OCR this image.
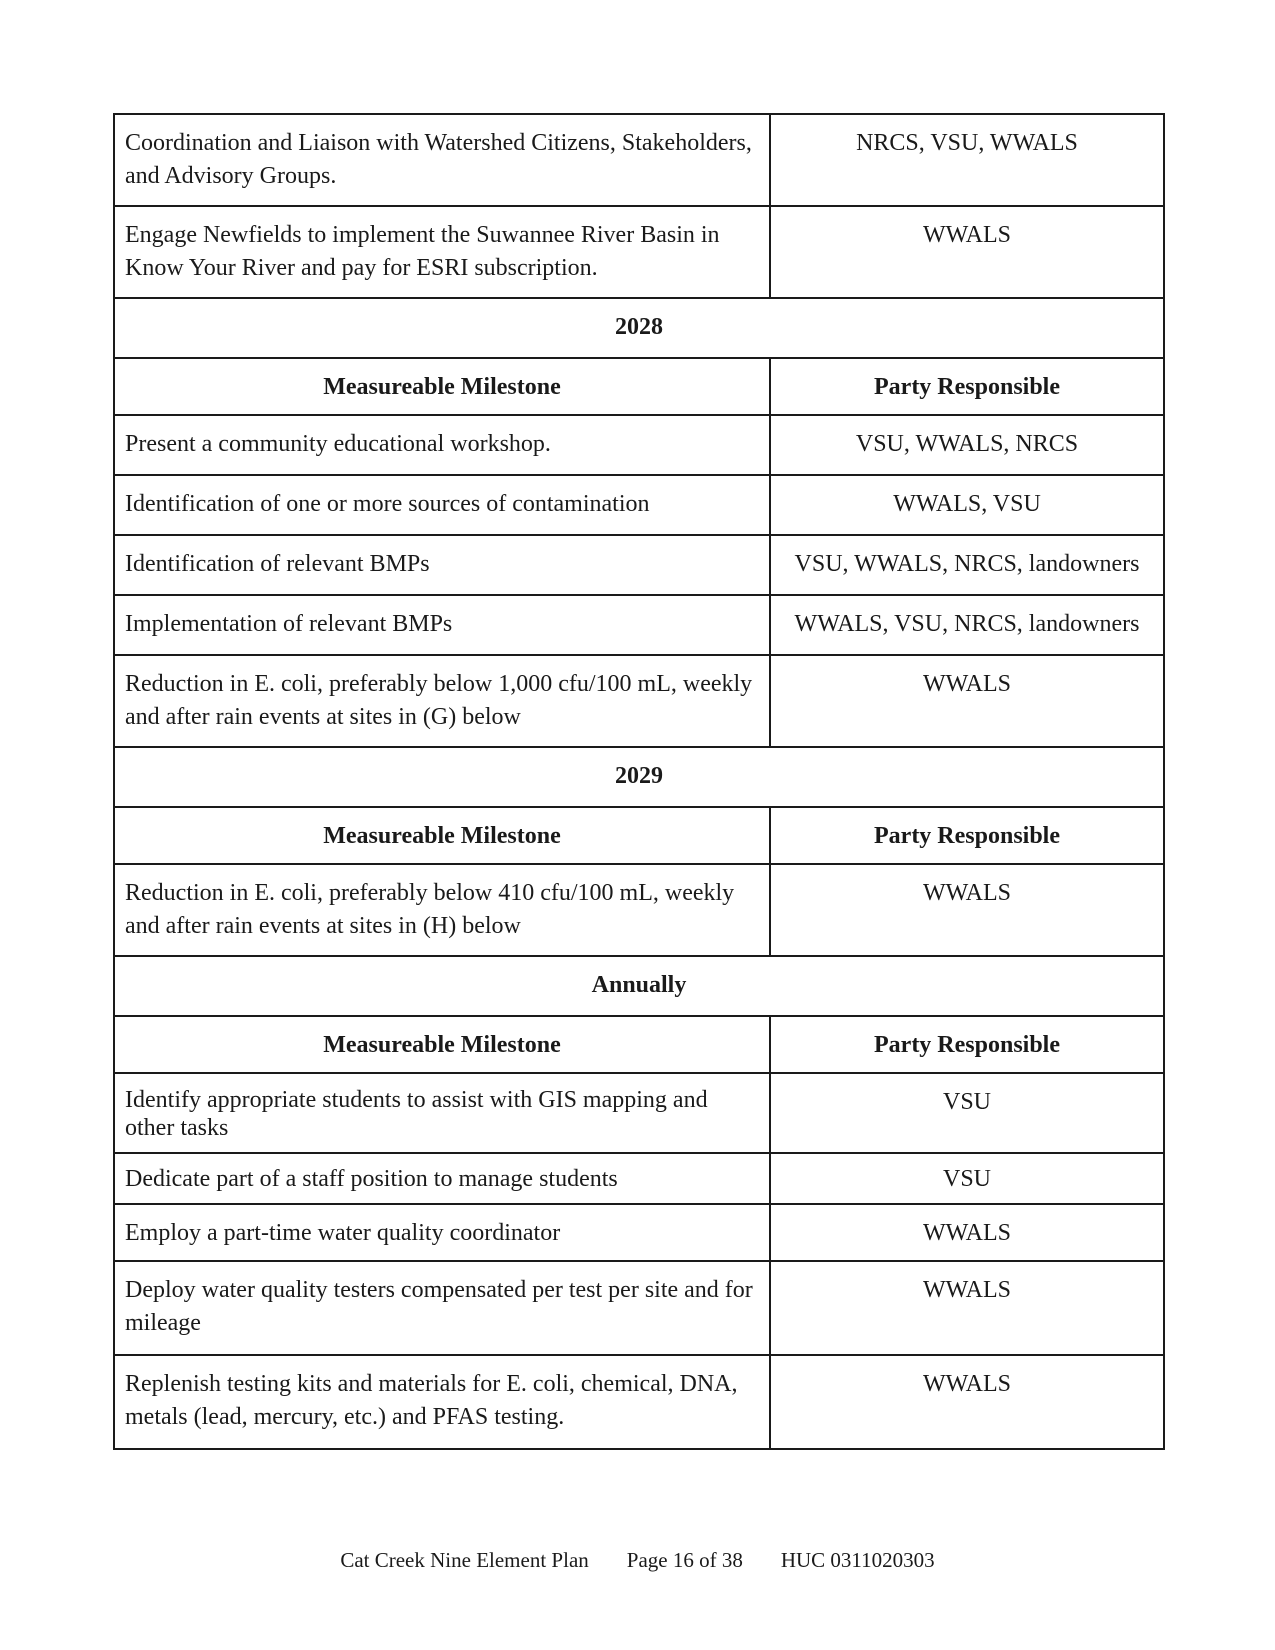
Coordination and Liaison with Watershed Citizens, Stakeholders, and Advisory Groups.	NRCS, VSU, WWALS
Engage Newfields to implement the Suwannee River Basin in Know Your River and pay for ESRI subscription.	WWALS
2028	
Measureable Milestone	Party Responsible
Present a community educational workshop.	VSU, WWALS, NRCS
Identification of one or more sources of contamination	WWALS, VSU
Identification of relevant BMPs	VSU, WWALS, NRCS, landowners
Implementation of relevant BMPs	WWALS, VSU, NRCS, landowners
Reduction in E. coli, preferably below 1,000 cfu/100 mL, weekly and after rain events at sites in (G) below	WWALS
2029	
Measureable Milestone	Party Responsible
Reduction in E. coli, preferably below 410 cfu/100 mL, weekly and after rain events at sites in (H) below	WWALS
Annually	
Measureable Milestone	Party Responsible
Identify appropriate students to assist with GIS mapping and other tasks	VSU
Dedicate part of a staff position to manage students	VSU
Employ a part-time water quality coordinator	WWALS
Deploy water quality testers compensated per test per site and for mileage	WWALS
Replenish testing kits and materials for E. coli, chemical, DNA, metals (lead, mercury, etc.) and PFAS testing.	WWALS
Cat Creek Nine Element Plan Page 16 of 38 HUC 0311020303
